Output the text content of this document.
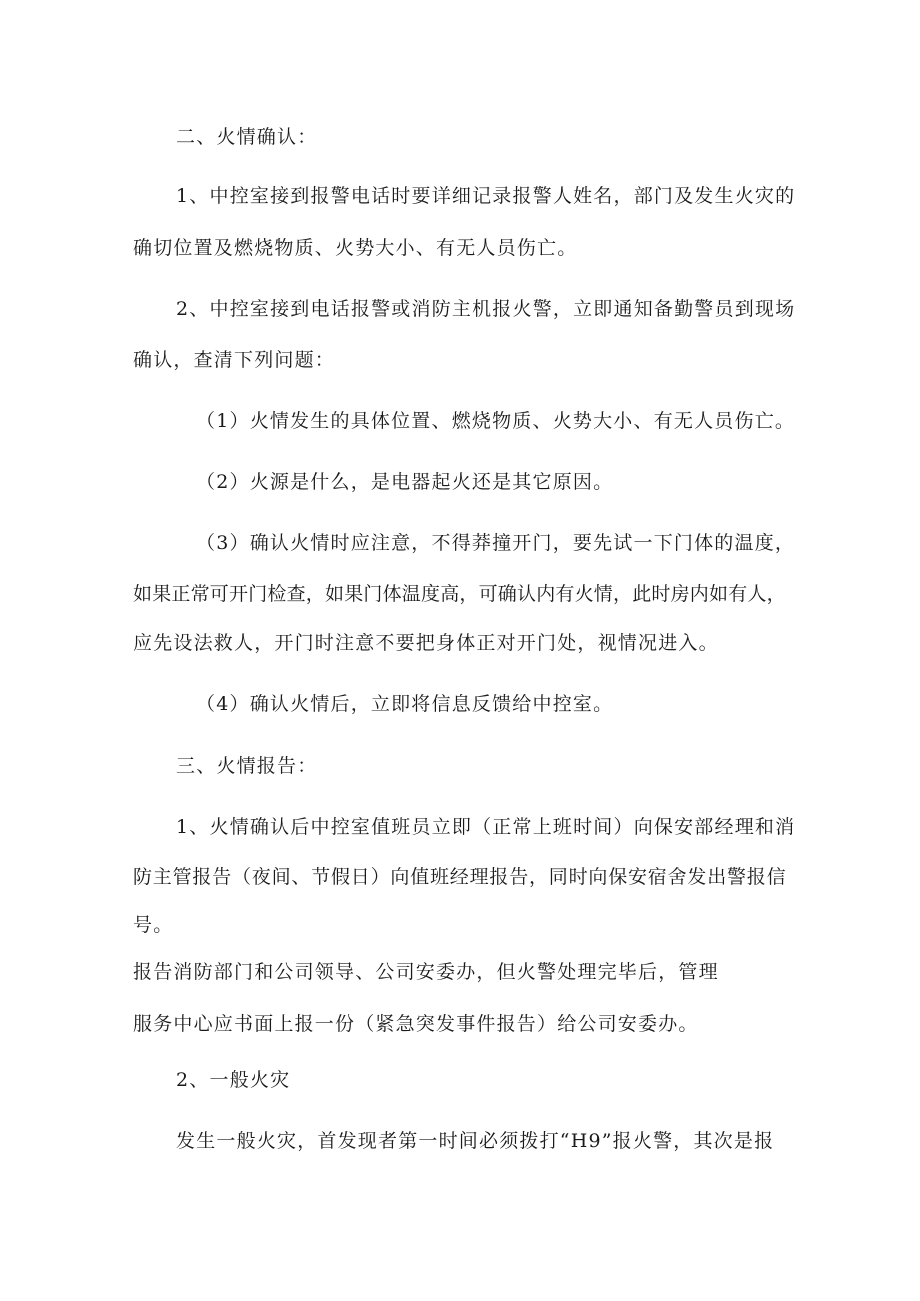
二、火情确认：
1、中控室接到报警电话时要详细记录报警人姓名，部门及发生火灾的
确切位置及燃烧物质、火势大小、有无人员伤亡。
2、中控室接到电话报警或消防主机报火警，立即通知备勤警员到现场
确认，查清下列问题：
（1）火情发生的具体位置、燃烧物质、火势大小、有无人员伤亡。
（2）火源是什么，是电器起火还是其它原因。
（3）确认火情时应注意，不得莽撞开门，要先试一下门体的温度，
如果正常可开门检查，如果门体温度高，可确认内有火情，此时房内如有人，
应先设法救人，开门时注意不要把身体正对开门处，视情况进入。
（4）确认火情后，立即将信息反馈给中控室。
三、火情报告：
1、火情确认后中控室值班员立即（正常上班时间）向保安部经理和消
防主管报告（夜间、节假日）向值班经理报告，同时向保安宿舍发出警报信
号。
报告消防部门和公司领导、公司安委办，但火警处理完毕后，管理
服务中心应书面上报一份（紧急突发事件报告）给公司安委办。
2、一般火灾
发生一般火灾，首发现者第一时间必须拨打“H9”报火警，其次是报
